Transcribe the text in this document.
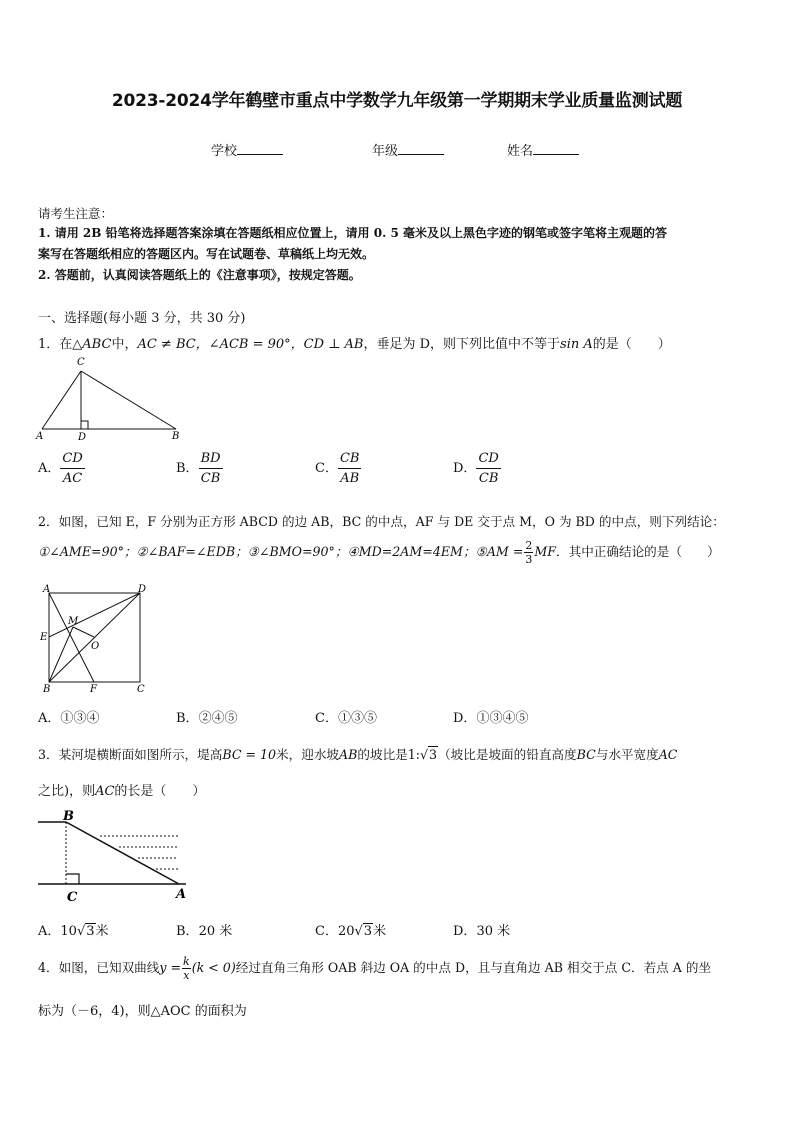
2023-2024学年鹤壁市重点中学数学九年级第一学期期末学业质量监测试题
学校	年级	姓名
请考生注意：
1. 请用 2B 铅笔将选择题答案涂填在答题纸相应位置上，请用 0. 5 毫米及以上黑色字迹的钢笔或签字笔将主观题的答
案写在答题纸相应的答题区内。写在试题卷、草稿纸上均无效。
2. 答题前，认真阅读答题纸上的《注意事项》，按规定答题。
一、选择题(每小题 3 分，共 30 分)
1．在△ABC中，AC ≠ BC，∠ACB = 90°，CD ⊥ AB，垂足为 D，则下列比值中不等于sin A的是（　　）
C
A	D	B
A． $\frac{CD}{AC}$	B． $\frac{BD}{CB}$	C． $\frac{CB}{AB}$	D． $\frac{CD}{CB}$
2．如图，已知 E，F 分别为正方形 ABCD 的边 AB，BC 的中点，AF 与 DE 交于点 M，O 为 BD 的中点，则下列结论：
①∠AME=90°；②∠BAF=∠EDB；③∠BMO=90°；④MD=2AM=4EM；⑤AM = $\frac{2}{3}$ MF．其中正确结论的是（　　）
A	D
M
E
O
B	F	C
A．①③④	B．②④⑤	C．①③⑤	D．①③④⑤
3．某河堤横断面如图所示，堤高BC = 10米，迎水坡AB的坡比是1:√3（坡比是坡面的铅直高度BC与水平宽度AC
之比)，则AC的长是（　　）
B
C	A
A．10√3米	B．20 米	C．20√3米	D．30 米
4．如图，已知双曲线$y = \frac{k}{x} (k < 0)$经过直角三角形 OAB 斜边 OA 的中点 D，且与直角边 AB 相交于点 C．若点 A 的坐
标为（－6，4)，则△AOC 的面积为
